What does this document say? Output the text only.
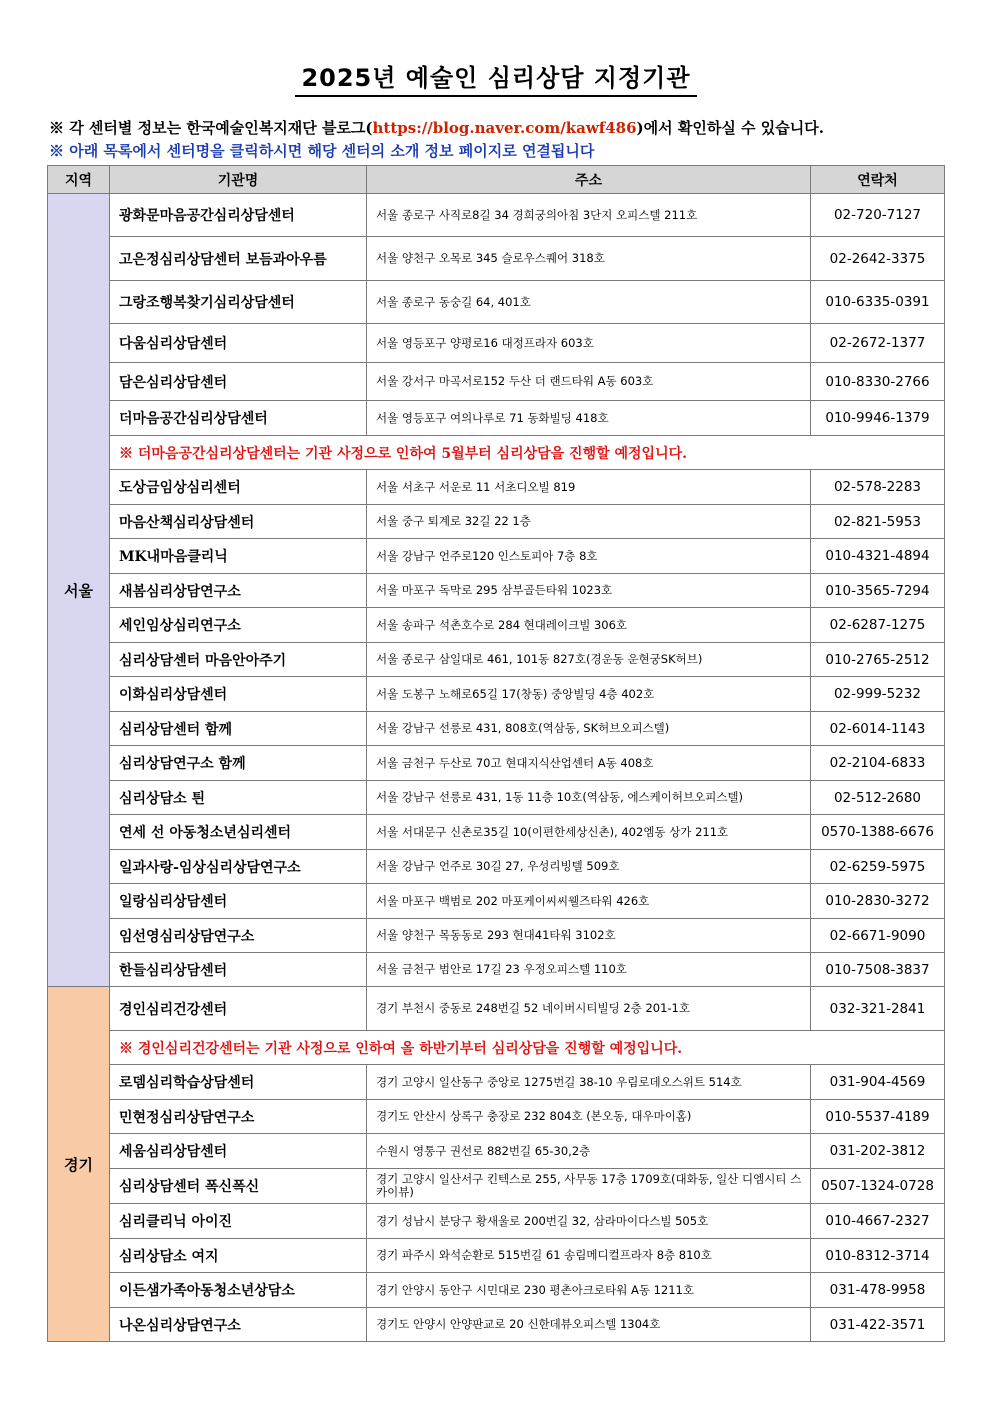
2025년 예술인 심리상담 지정기관
※ 각 센터별 정보는 한국예술인복지재단 블로그(https://blog.naver.com/kawf486)에서 확인하실 수 있습니다.
※ 아래 목록에서 센터명을 클릭하시면 해당 센터의 소개 정보 페이지로 연결됩니다
지역	기관명	주소	연락처
서울	광화문마음공간심리상담센터	서울 종로구 사직로8길 34 경희궁의아침 3단지 오피스텔 211호	02-720-7127
	고은정심리상담센터 보듬과아우름	서울 양천구 오목로 345 슬로우스퀘어 318호	02-2642-3375
	그랑조행복찾기심리상담센터	서울 종로구 동숭길 64, 401호	010-6335-0391
	다움심리상담센터	서울 영등포구 양평로16 대정프라자 603호	02-2672-1377
	담은심리상담센터	서울 강서구 마곡서로152 두산 더 랜드타워 A동 603호	010-8330-2766
	더마음공간심리상담센터	서울 영등포구 여의나루로 71 동화빌딩 418호	010-9946-1379
	※ 더마음공간심리상담센터는 기관 사정으로 인하여 5월부터 심리상담을 진행할 예정입니다.		
	도상금임상심리센터	서울 서초구 서운로 11 서초디오빌 819	02-578-2283
	마음산책심리상담센터	서울 중구 퇴계로 32길 22 1층	02-821-5953
	MK내마음클리닉	서울 강남구 언주로120 인스토피아 7층 8호	010-4321-4894
	새봄심리상담연구소	서울 마포구 독막로 295 삼부골든타워 1023호	010-3565-7294
	세인임상심리연구소	서울 송파구 석촌호수로 284 현대레이크빌 306호	02-6287-1275
	심리상담센터 마음안아주기	서울 종로구 삼일대로 461, 101동 827호(경운동 운현궁SK허브)	010-2765-2512
	이화심리상담센터	서울 도봉구 노해로65길 17(창동) 중앙빌딩 4층 402호	02-999-5232
	심리상담센터 함께	서울 강남구 선릉로 431, 808호(역삼동, SK허브오피스텔)	02-6014-1143
	심리상담연구소 함께	서울 금천구 두산로 70고 현대지식산업센터 A동 408호	02-2104-6833
	심리상담소 틘	서울 강남구 선릉로 431, 1동 11층 10호(역삼동, 에스케이허브오피스텔)	02-512-2680
	연세 선 아동청소년심리센터	서울 서대문구 신촌로35길 10(이편한세상신촌), 402엠동 상가 211호	0570-1388-6676
	일과사랑-임상심리상담연구소	서울 강남구 언주로 30길 27, 우성리빙텔 509호	02-6259-5975
	일랑심리상담센터	서울 마포구 백범로 202 마포케이씨씨웰즈타워 426호	010-2830-3272
	임선영심리상담연구소	서울 양천구 목동동로 293 현대41타워 3102호	02-6671-9090
	한들심리상담센터	서울 금천구 범안로 17길 23 우정오피스텔 110호	010-7508-3837
경기	경인심리건강센터	경기 부천시 중동로 248번길 52 네이버시티빌딩 2층 201-1호	032-321-2841
	※ 경인심리건강센터는 기관 사정으로 인하여 올 하반기부터 심리상담을 진행할 예정입니다.		
	로뎀심리학습상담센터	경기 고양시 일산동구 중앙로 1275번길 38-10 우림로데오스위트 514호	031-904-4569
	민현정심리상담연구소	경기도 안산시 상록구 충장로 232 804호 (본오동, 대우마이홈)	010-5537-4189
	세움심리상담센터	수원시 영통구 권선로 882번길 65-30,2층	031-202-3812
	심리상담센터 폭신폭신	경기 고양시 일산서구 킨텍스로 255, 사무동 17층 1709호(대화동, 일산 디엠시티 스카이뷰)	0507-1324-0728
	심리클리닉 아이진	경기 성남시 분당구 황새울로 200번길 32, 삼라마이다스빌 505호	010-4667-2327
	심리상담소 여지	경기 파주시 와석순환로 515번길 61 송림메디컬프라자 8층 810호	010-8312-3714
	이든샘가족아동청소년상담소	경기 안양시 동안구 시민대로 230 평촌아크로타워 A동 1211호	031-478-9958
	나온심리상담연구소	경기도 안양시 안양판교로 20 신한데뷰오피스텔 1304호	031-422-3571
